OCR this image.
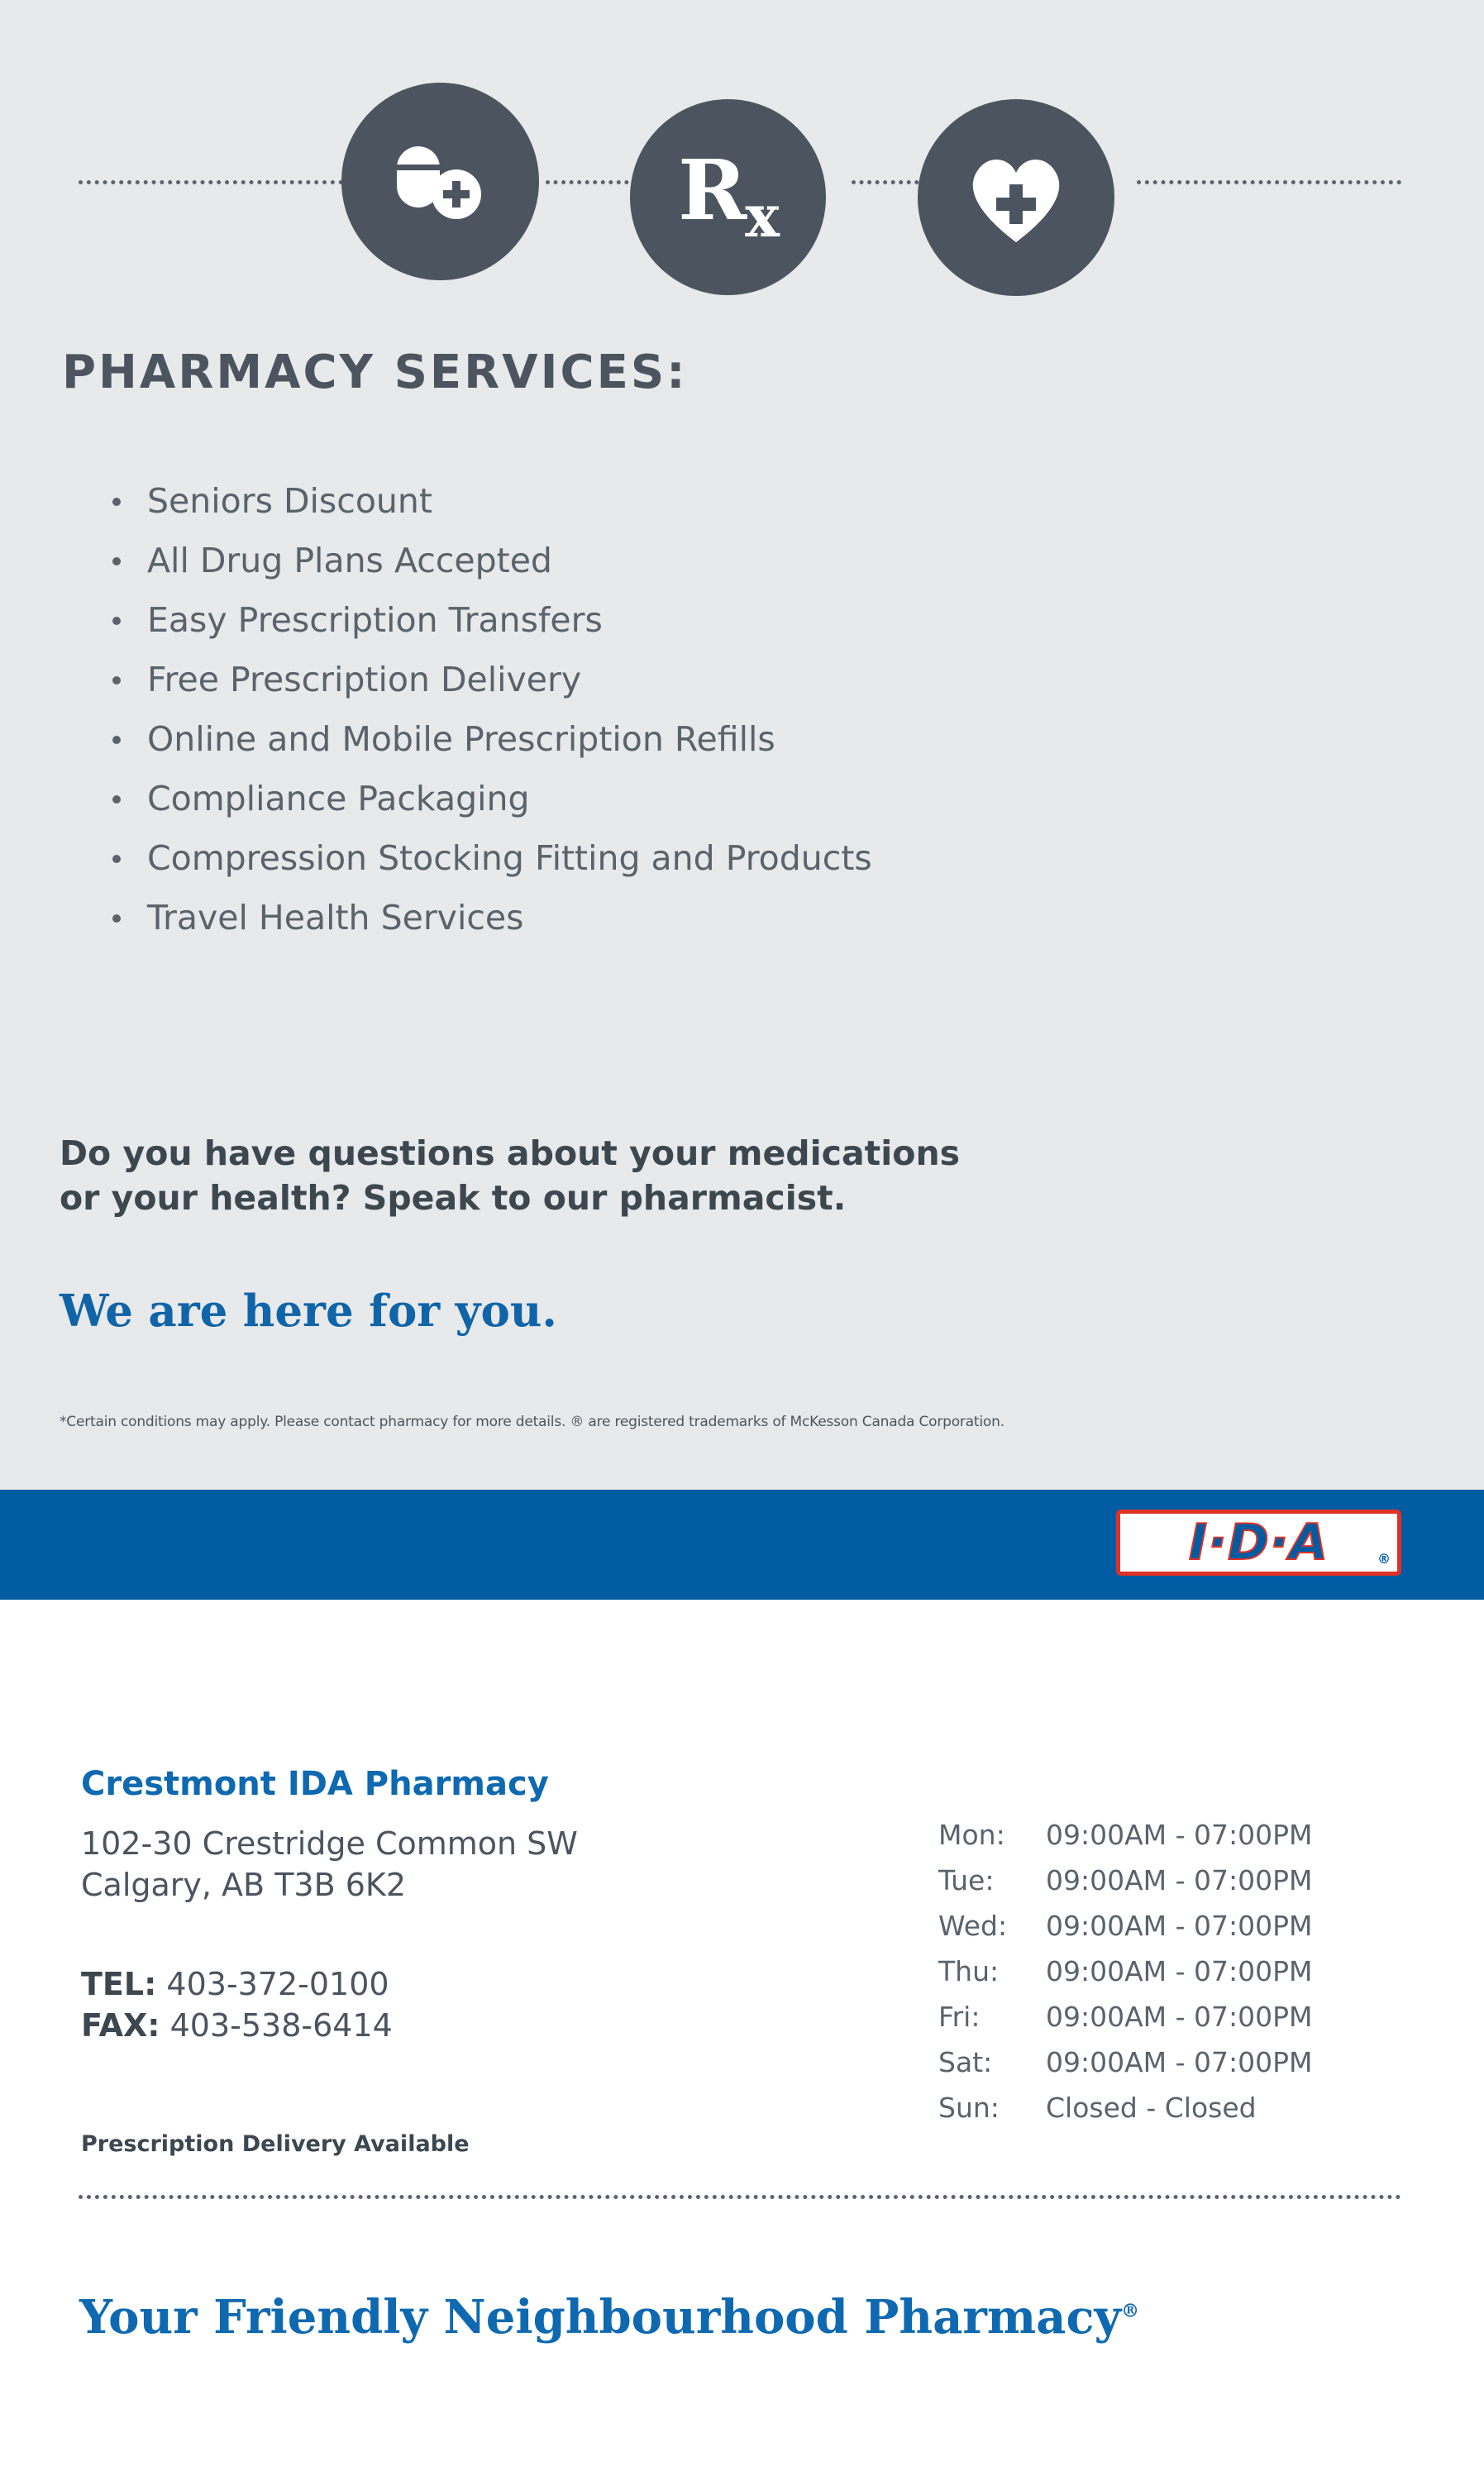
$R_x$
PHARMACY SERVICES:
Seniors Discount
All Drug Plans Accepted
Easy Prescription Transfers
Free Prescription Delivery
Online and Mobile Prescription Refills
Compliance Packaging
Compression Stocking Fitting and Products
Travel Health Services
Do you have questions about your medications
or your health? Speak to our pharmacist.
We are here for you.
*Certain conditions may apply. Please contact pharmacy for more details. ® are registered trademarks of McKesson Canada Corporation.
I·D·A	®
Crestmont IDA Pharmacy
102-30 Crestridge Common SW
Calgary, AB T3B 6K2
TEL: 403-372-0100
FAX: 403-538-6414
Prescription Delivery Available
Mon:	09:00AM - 07:00PM
Tue:	09:00AM - 07:00PM
Wed:	09:00AM - 07:00PM
Thu:	09:00AM - 07:00PM
Fri:	09:00AM - 07:00PM
Sat:	09:00AM - 07:00PM
Sun:	Closed - Closed
Your Friendly Neighbourhood Pharmacy®
